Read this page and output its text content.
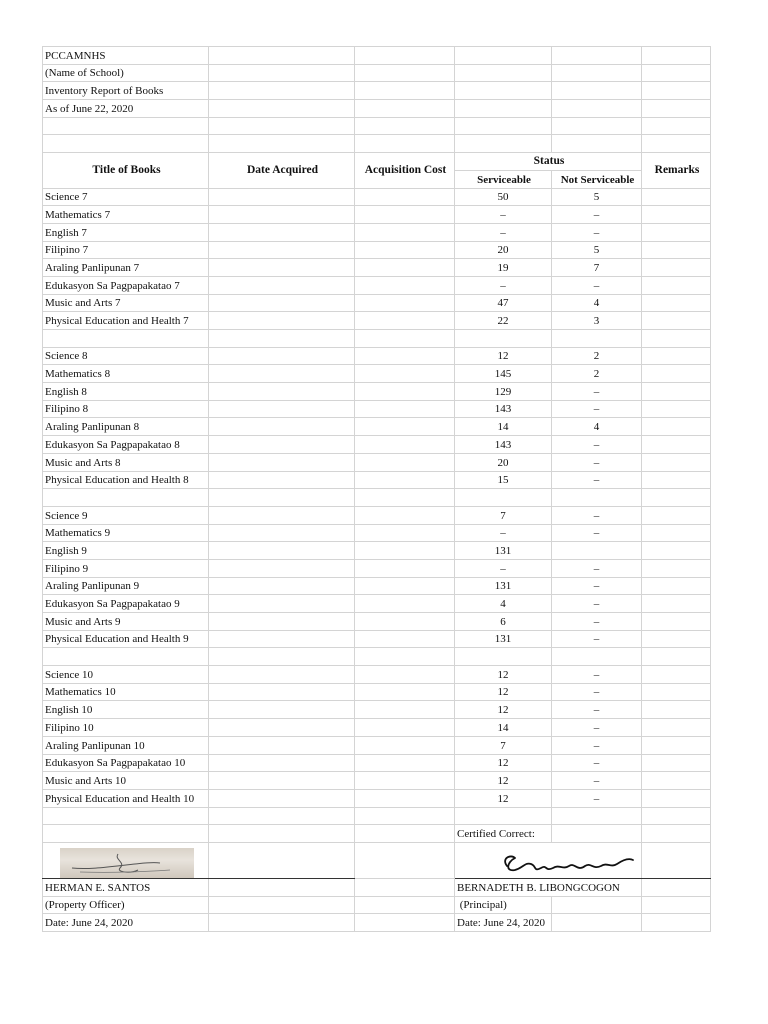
PCCAMNHS					
(Name of School)					
Inventory Report of Books					
As of June 22, 2020					

Title of Books	Date Acquired	Acquisition Cost	Status		Remarks
			Serviceable	Not Serviceable	
Science 7			50	5	
Mathematics 7			–	–	
English 7			–	–	
Filipino 7			20	5	
Araling Panlipunan 7			19	7	
Edukasyon Sa Pagpapakatao 7			–	–	
Music and Arts 7			47	4	
Physical Education and Health 7			22	3	

Science 8			12	2	
Mathematics 8			145	2	
English 8			129	–	
Filipino 8			143	–	
Araling Panlipunan 8			14	4	
Edukasyon Sa Pagpapakatao 8			143	–	
Music and Arts 8			20	–	
Physical Education and Health 8			15	–	

Science 9			7	–	
Mathematics 9			–	–	
English 9			131		
Filipino 9			–	–	
Araling Panlipunan 9			131	–	
Edukasyon Sa Pagpapakatao 9			4	–	
Music and Arts 9			6	–	
Physical Education and Health 9			131	–	

Science 10			12	–	
Mathematics 10			12	–	
English 10			12	–	
Filipino 10			14	–	
Araling Panlipunan 10			7	–	
Edukasyon Sa Pagpapakatao 10			12	–	
Music and Arts 10			12	–	
Physical Education and Health 10			12	–	

			Certified Correct:		

HERMAN E. SANTOS			BERNADETH B. LIBONGCOGON		
(Property Officer)			(Principal)		
Date: June 24, 2020			Date: June 24, 2020		
